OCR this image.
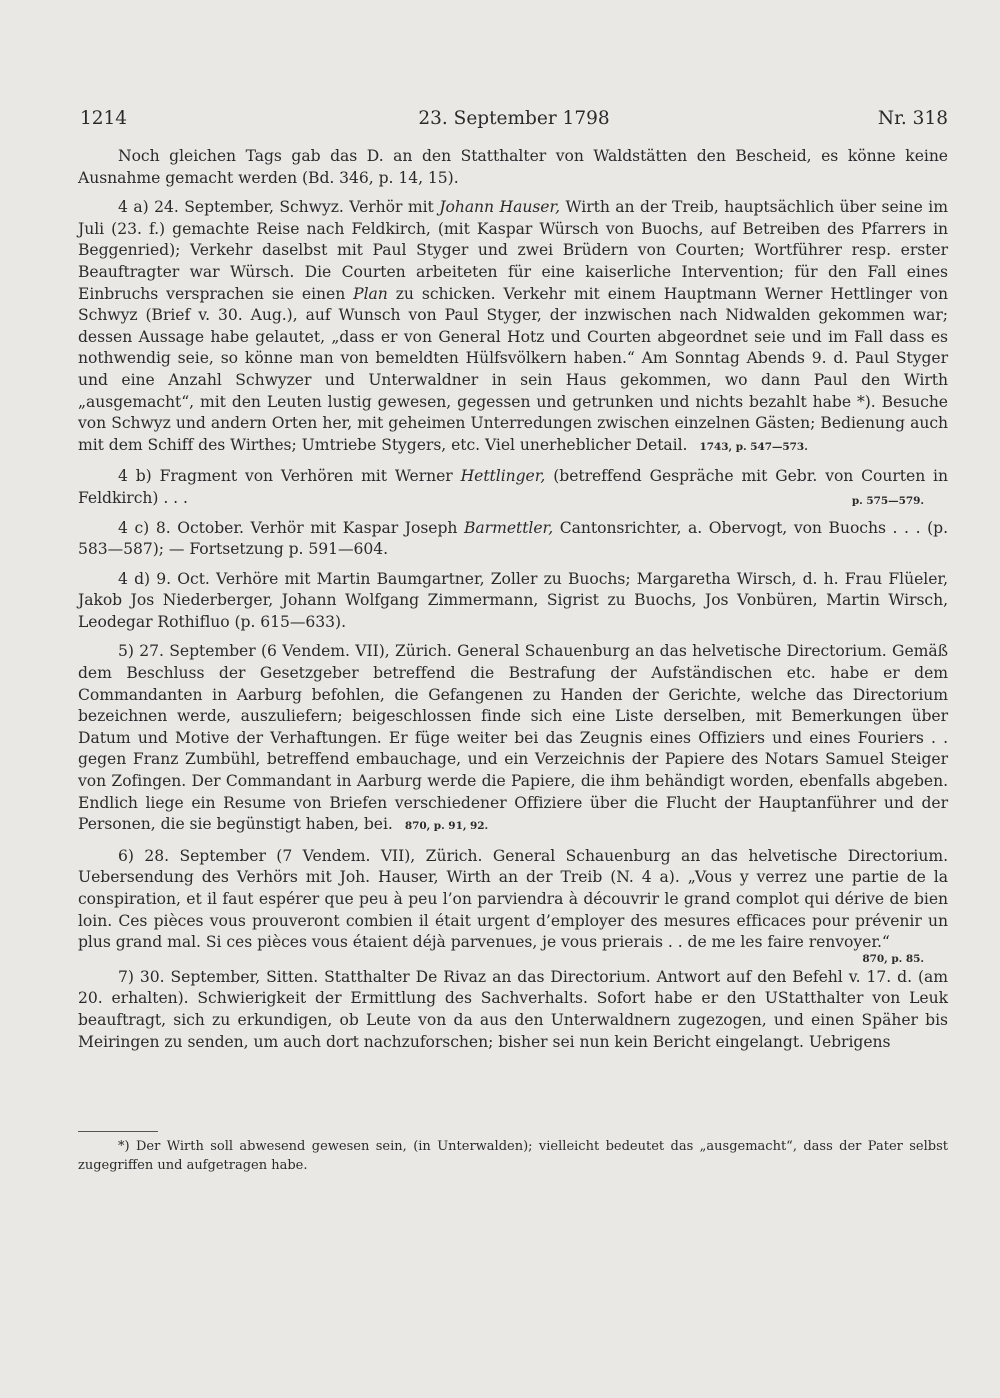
1214	23. September 1798	Nr. 318

Noch gleichen Tags gab das D. an den Statthalter von Waldstätten den Bescheid, es könne keine Ausnahme gemacht werden (Bd. 346, p. 14, 15).

4 a) 24. September, Schwyz. Verhör mit Johann Hauser, Wirth an der Treib, hauptsächlich über seine im Juli (23. f.) gemachte Reise nach Feldkirch, (mit Kaspar Würsch von Buochs, auf Betreiben des Pfarrers in Beggenried); Verkehr daselbst mit Paul Styger und zwei Brüdern von Courten; Wortführer resp. erster Beauftragter war Würsch. Die Courten arbeiteten für eine kaiserliche Intervention; für den Fall eines Einbruchs versprachen sie einen Plan zu schicken. Verkehr mit einem Hauptmann Werner Hettlinger von Schwyz (Brief v. 30. Aug.), auf Wunsch von Paul Styger, der inzwischen nach Nidwalden gekommen war; dessen Aussage habe gelautet, „dass er von General Hotz und Courten abgeordnet seie und im Fall dass es nothwendig seie, so könne man von bemeldten Hülfsvölkern haben.“ Am Sonntag Abends 9. d. Paul Styger und eine Anzahl Schwyzer und Unterwaldner in sein Haus gekommen, wo dann Paul den Wirth „ausgemacht“, mit den Leuten lustig gewesen, gegessen und getrunken und nichts bezahlt habe *). Besuche von Schwyz und andern Orten her, mit geheimen Unterredungen zwischen einzelnen Gästen; Bedienung auch mit dem Schiff des Wirthes; Umtriebe Stygers, etc. Viel unerheblicher Detail. 1743, p. 547—573.

4 b) Fragment von Verhören mit Werner Hettlinger, (betreffend Gespräche mit Gebr. von Courten in Feldkirch) . . .	p. 575—579.

4 c) 8. October. Verhör mit Kaspar Joseph Barmettler, Cantonsrichter, a. Obervogt, von Buochs . . . (p. 583—587); — Fortsetzung p. 591—604.

4 d) 9. Oct. Verhöre mit Martin Baumgartner, Zoller zu Buochs; Margaretha Wirsch, d. h. Frau Flüeler, Jakob Jos Niederberger, Johann Wolfgang Zimmermann, Sigrist zu Buochs, Jos Vonbüren, Martin Wirsch, Leodegar Rothifluo (p. 615—633).

5) 27. September (6 Vendem. VII), Zürich. General Schauenburg an das helvetische Directorium. Gemäß dem Beschluss der Gesetzgeber betreffend die Bestrafung der Aufständischen etc. habe er dem Commandanten in Aarburg befohlen, die Gefangenen zu Handen der Gerichte, welche das Directorium bezeichnen werde, auszuliefern; beigeschlossen finde sich eine Liste derselben, mit Bemerkungen über Datum und Motive der Verhaftungen. Er füge weiter bei das Zeugnis eines Offiziers und eines Fouriers . . gegen Franz Zumbühl, betreffend embauchage, und ein Verzeichnis der Papiere des Notars Samuel Steiger von Zofingen. Der Commandant in Aarburg werde die Papiere, die ihm behändigt worden, ebenfalls abgeben. Endlich liege ein Resume von Briefen verschiedener Offiziere über die Flucht der Hauptanführer und der Personen, die sie begünstigt haben, bei. 870, p. 91, 92.

6) 28. September (7 Vendem. VII), Zürich. General Schauenburg an das helvetische Directorium. Uebersendung des Verhörs mit Joh. Hauser, Wirth an der Treib (N. 4 a). „Vous y verrez une partie de la conspiration, et il faut espérer que peu à peu l’on parviendra à découvrir le grand complot qui dérive de bien loin. Ces pièces vous prouveront combien il était urgent d’employer des mesures efficaces pour prévenir un plus grand mal. Si ces pièces vous étaient déjà parvenues, je vous prierais . . de me les faire renvoyer.“

870, p. 85.

7) 30. September, Sitten. Statthalter De Rivaz an das Directorium. Antwort auf den Befehl v. 17. d. (am 20. erhalten). Schwierigkeit der Ermittlung des Sachverhalts. Sofort habe er den UStatthalter von Leuk beauftragt, sich zu erkundigen, ob Leute von da aus den Unterwaldnern zugezogen, und einen Späher bis Meiringen zu senden, um auch dort nachzuforschen; bisher sei nun kein Bericht eingelangt. Uebrigens

*) Der Wirth soll abwesend gewesen sein, (in Unterwalden); vielleicht bedeutet das „ausgemacht“, dass der Pater selbst zugegriffen und aufgetragen habe.
